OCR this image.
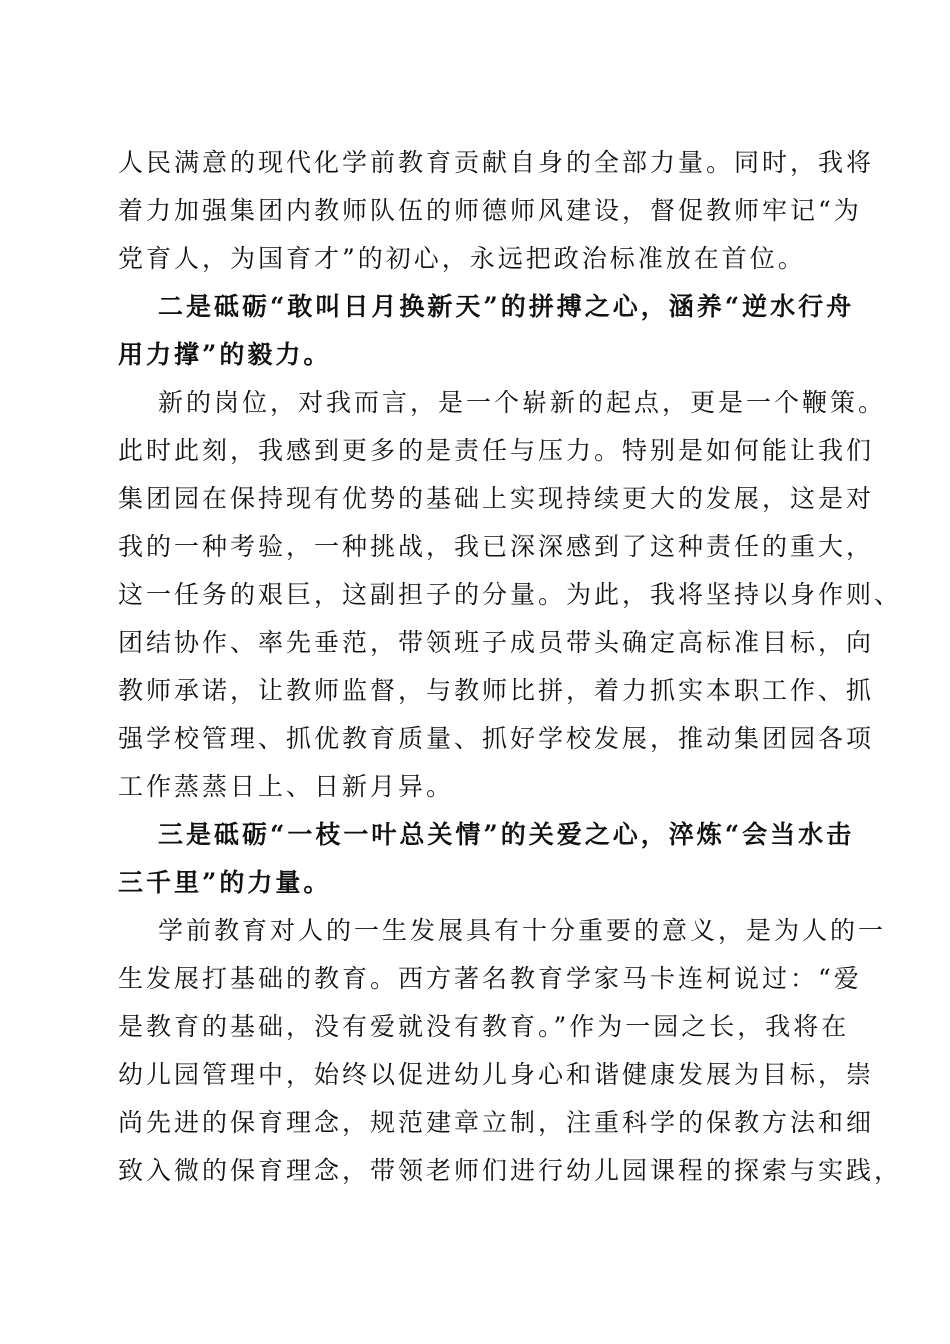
人民满意的现代化学前教育贡献自身的全部力量。同时，我将
着力加强集团内教师队伍的师德师风建设，督促教师牢记“为
党育人，为国育才”的初心，永远把政治标准放在首位。
二是砥砺“敢叫日月换新天”的拼搏之心，涵养“逆水行舟
用力撑”的毅力。
新的岗位，对我而言，是一个崭新的起点，更是一个鞭策。
此时此刻，我感到更多的是责任与压力。特别是如何能让我们
集团园在保持现有优势的基础上实现持续更大的发展，这是对
我的一种考验，一种挑战，我已深深感到了这种责任的重大，
这一任务的艰巨，这副担子的分量。为此，我将坚持以身作则、
团结协作、率先垂范，带领班子成员带头确定高标准目标，向
教师承诺，让教师监督，与教师比拼，着力抓实本职工作、抓
强学校管理、抓优教育质量、抓好学校发展，推动集团园各项
工作蒸蒸日上、日新月异。
三是砥砺“一枝一叶总关情”的关爱之心，淬炼“会当水击
三千里”的力量。
学前教育对人的一生发展具有十分重要的意义，是为人的一
生发展打基础的教育。西方著名教育学家马卡连柯说过：“爱
是教育的基础，没有爱就没有教育。”作为一园之长，我将在
幼儿园管理中，始终以促进幼儿身心和谐健康发展为目标，崇
尚先进的保育理念，规范建章立制，注重科学的保教方法和细
致入微的保育理念，带领老师们进行幼儿园课程的探索与实践，
